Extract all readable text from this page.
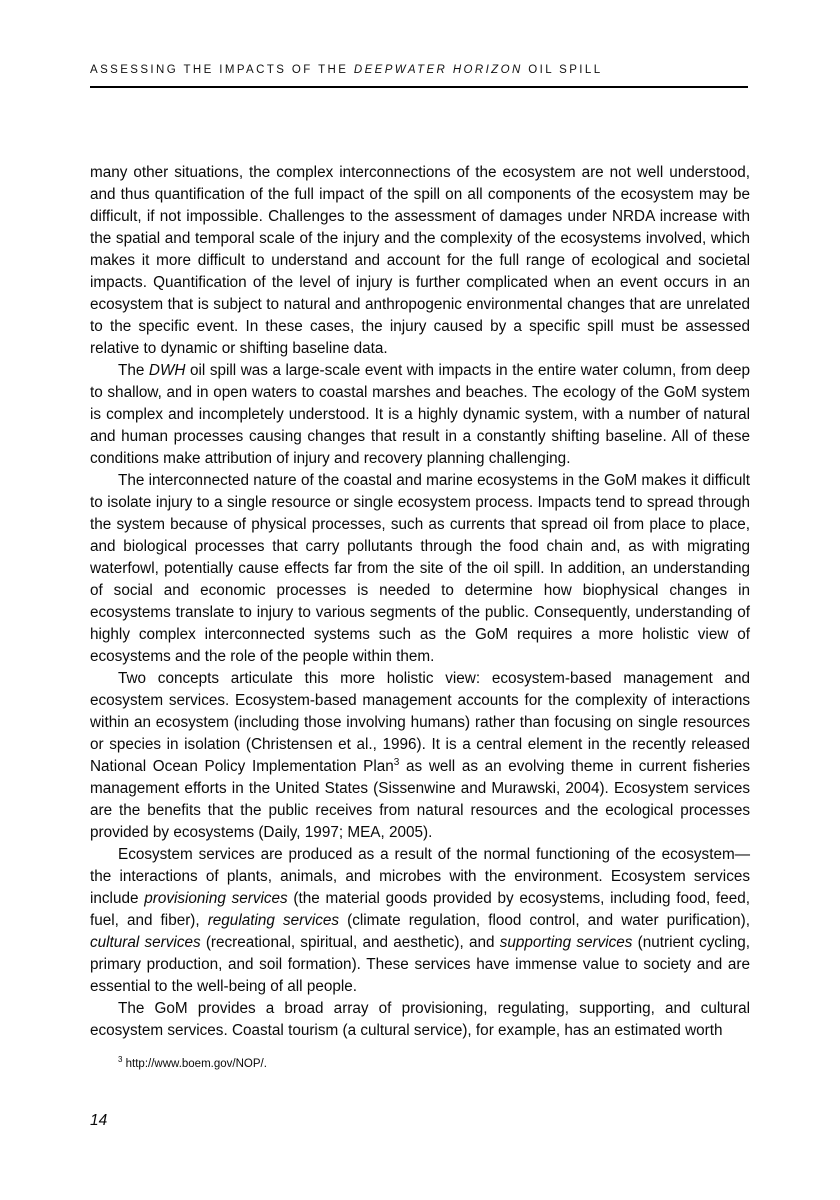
ASSESSING THE IMPACTS OF THE DEEPWATER HORIZON OIL SPILL

many other situations, the complex interconnections of the ecosystem are not well understood, and thus quantification of the full impact of the spill on all components of the ecosystem may be difficult, if not impossible. Challenges to the assessment of damages under NRDA increase with the spatial and temporal scale of the injury and the complexity of the ecosystems involved, which makes it more difficult to understand and account for the full range of ecological and societal impacts. Quantification of the level of injury is further complicated when an event occurs in an ecosystem that is subject to natural and anthropogenic environmental changes that are unrelated to the specific event. In these cases, the injury caused by a specific spill must be assessed relative to dynamic or shifting baseline data.

The DWH oil spill was a large-scale event with impacts in the entire water column, from deep to shallow, and in open waters to coastal marshes and beaches. The ecology of the GoM system is complex and incompletely understood. It is a highly dynamic system, with a number of natural and human processes causing changes that result in a constantly shifting baseline. All of these conditions make attribution of injury and recovery planning challenging.

The interconnected nature of the coastal and marine ecosystems in the GoM makes it difficult to isolate injury to a single resource or single ecosystem process. Impacts tend to spread through the system because of physical processes, such as currents that spread oil from place to place, and biological processes that carry pollutants through the food chain and, as with migrating waterfowl, potentially cause effects far from the site of the oil spill. In addition, an understanding of social and economic processes is needed to determine how biophysical changes in ecosystems translate to injury to various segments of the public. Consequently, understanding of highly complex interconnected systems such as the GoM requires a more holistic view of ecosystems and the role of the people within them.

Two concepts articulate this more holistic view: ecosystem-based management and ecosystem services. Ecosystem-based management accounts for the complexity of interactions within an ecosystem (including those involving humans) rather than focusing on single resources or species in isolation (Christensen et al., 1996). It is a central element in the recently released National Ocean Policy Implementation Plan$^3$ as well as an evolving theme in current fisheries management efforts in the United States (Sissenwine and Murawski, 2004). Ecosystem services are the benefits that the public receives from natural resources and the ecological processes provided by ecosystems (Daily, 1997; MEA, 2005).

Ecosystem services are produced as a result of the normal functioning of the ecosystem—the interactions of plants, animals, and microbes with the environment. Ecosystem services include provisioning services (the material goods provided by ecosystems, including food, feed, fuel, and fiber), regulating services (climate regulation, flood control, and water purification), cultural services (recreational, spiritual, and aesthetic), and supporting services (nutrient cycling, primary production, and soil formation). These services have immense value to society and are essential to the well-being of all people.

The GoM provides a broad array of provisioning, regulating, supporting, and cultural ecosystem services. Coastal tourism (a cultural service), for example, has an estimated worth

$^3$ http://www.boem.gov/NOP/.
14
